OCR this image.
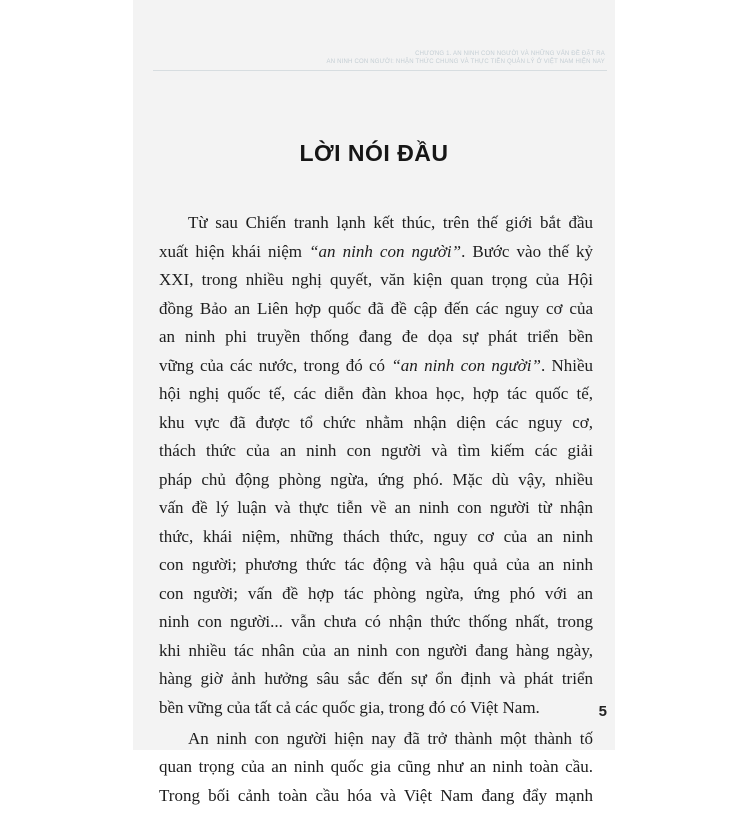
CHƯƠNG 1. AN NINH CON NGƯỜI VÀ NHỮNG VẤN ĐỀ ĐẶT RA
AN NINH CON NGƯỜI: NHẬN THỨC CHUNG VÀ THỰC TIỄN QUẢN LÝ Ở VIỆT NAM HIỆN NAY
LỜI NÓI ĐẦU

Từ sau Chiến tranh lạnh kết thúc, trên thế giới bắt đầu
xuất hiện khái niệm “an ninh con người”. Bước vào thế kỷ
XXI, trong nhiều nghị quyết, văn kiện quan trọng của Hội
đồng Bảo an Liên hợp quốc đã đề cập đến các nguy cơ của
an ninh phi truyền thống đang đe dọa sự phát triển bền
vững của các nước, trong đó có “an ninh con người”. Nhiều
hội nghị quốc tế, các diễn đàn khoa học, hợp tác quốc tế,
khu vực đã được tổ chức nhằm nhận diện các nguy cơ,
thách thức của an ninh con người và tìm kiếm các giải
pháp chủ động phòng ngừa, ứng phó. Mặc dù vậy, nhiều
vấn đề lý luận và thực tiễn về an ninh con người từ nhận
thức, khái niệm, những thách thức, nguy cơ của an ninh
con người; phương thức tác động và hậu quả của an ninh
con người; vấn đề hợp tác phòng ngừa, ứng phó với an
ninh con người... vẫn chưa có nhận thức thống nhất, trong
khi nhiều tác nhân của an ninh con người đang hàng ngày,
hàng giờ ảnh hưởng sâu sắc đến sự ổn định và phát triển
bền vững của tất cả các quốc gia, trong đó có Việt Nam.

An ninh con người hiện nay đã trở thành một thành tố
quan trọng của an ninh quốc gia cũng như an ninh toàn cầu.
Trong bối cảnh toàn cầu hóa và Việt Nam đang đẩy mạnh

5
